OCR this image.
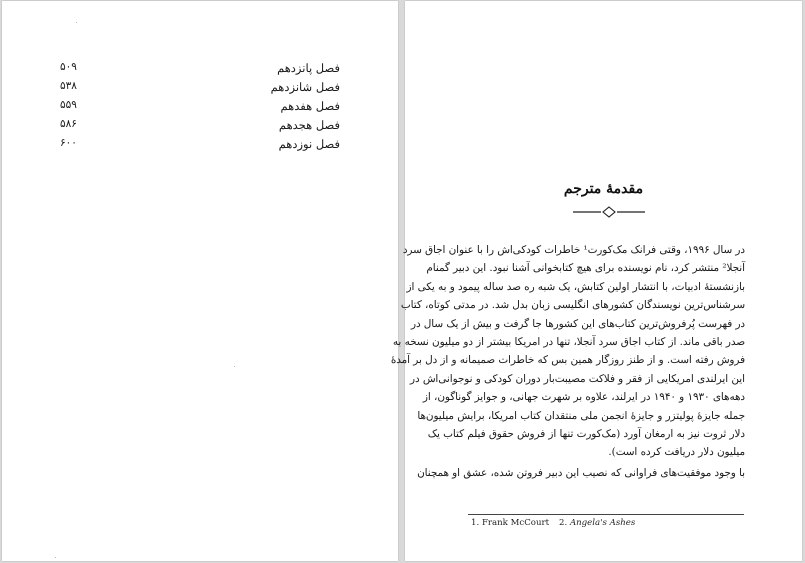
۵۰۹	فصل پانزدهم
۵۳۸	فصل شانزدهم
۵۵۹	فصل هفدهم
۵۸۶	فصل هجدهم
۶۰۰	فصل نوزدهم
مقدمهٔ مترجم
در سال ۱۹۹۶، وقتی فرانک مک‌کورت¹ خاطرات کودکی‌اش را با عنوان اجاق سرد
آنجلا² منتشر کرد، نام نویسنده برای هیچ کتابخوانی آشنا نبود. این دبیر گمنام
بازنشستهٔ ادبیات، با انتشار اولین کتابش، یک شبه ره صد ساله پیمود و به یکی از
سرشناس‌ترین نویسندگان کشورهای انگلیسی زبان بدل شد. در مدتی کوتاه، کتاب
در فهرست پُرفروش‌ترین کتاب‌های این کشورها جا گرفت و بیش از یک سال در
صدر باقی ماند. از کتاب اجاق سرد آنجلا، تنها در امریکا بیشتر از دو میلیون نسخه به
فروش رفته است. و از طنز روزگار همین بس که خاطرات صمیمانه و از دل بر آمدهٔ
این ایرلندی امریکایی از فقر و فلاکت مصیبت‌بار دوران کودکی و نوجوانی‌اش در
دهه‌های ۱۹۳۰ و ۱۹۴۰ در ایرلند، علاوه بر شهرت جهانی، و جوایز گوناگون، از
جمله جایزهٔ پولیتزر و جایزهٔ انجمن ملی منتقدان کتاب امریکا، برایش میلیون‌ها
دلار ثروت نیز به ارمغان آورد (مک‌کورت تنها از فروش حقوق فیلم کتاب یک
میلیون دلار دریافت کرده است).
با وجود موفقیت‌های فراوانی که نصیب این دبیر فروتن شده، عشق او همچنان
1. Frank McCourt 2. Angela's Ashes
